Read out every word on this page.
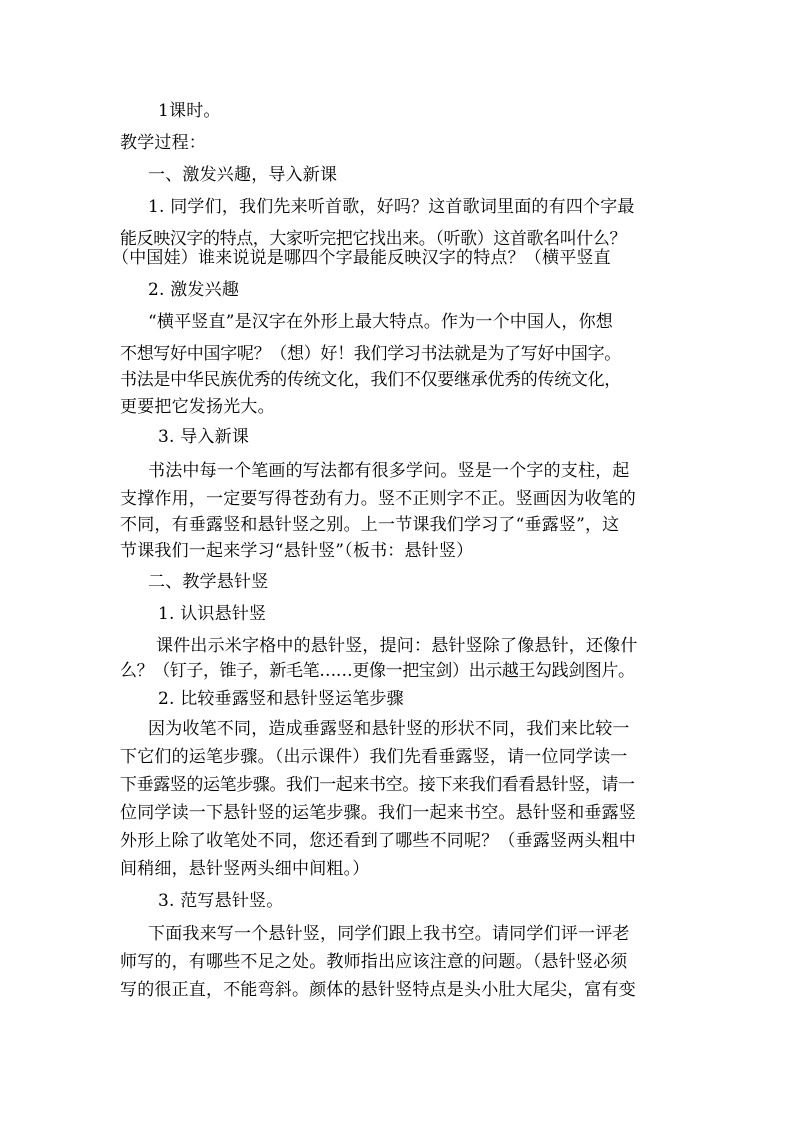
1课时。
教学过程：
一、激发兴趣，导入新课
1. 同学们，我们先来听首歌，好吗？这首歌词里面的有四个字最
能反映汉字的特点，大家听完把它找出来。（听歌）这首歌名叫什么？
（中国娃）谁来说说是哪四个字最能反映汉字的特点？（横平竖直
2. 激发兴趣
“横平竖直”是汉字在外形上最大特点。作为一个中国人，你想
不想写好中国字呢？（想）好！我们学习书法就是为了写好中国字。
书法是中华民族优秀的传统文化，我们不仅要继承优秀的传统文化，
更要把它发扬光大。
3. 导入新课
书法中每一个笔画的写法都有很多学问。竖是一个字的支柱，起
支撑作用，一定要写得苍劲有力。竖不正则字不正。竖画因为收笔的
不同，有垂露竖和悬针竖之别。上一节课我们学习了“垂露竖”，这
节课我们一起来学习“悬针竖”（板书：悬针竖）
二、教学悬针竖
1. 认识悬针竖
课件出示米字格中的悬针竖，提问：悬针竖除了像悬针，还像什
么？（钉子，锥子，新毛笔……更像一把宝剑）出示越王勾践剑图片。
2. 比较垂露竖和悬针竖运笔步骤
因为收笔不同，造成垂露竖和悬针竖的形状不同，我们来比较一
下它们的运笔步骤。（出示课件）我们先看垂露竖，请一位同学读一
下垂露竖的运笔步骤。我们一起来书空。接下来我们看看悬针竖，请一
位同学读一下悬针竖的运笔步骤。我们一起来书空。悬针竖和垂露竖
外形上除了收笔处不同，您还看到了哪些不同呢？（垂露竖两头粗中
间稍细，悬针竖两头细中间粗。）
3. 范写悬针竖。
下面我来写一个悬针竖，同学们跟上我书空。请同学们评一评老
师写的，有哪些不足之处。教师指出应该注意的问题。（悬针竖必须
写的很正直，不能弯斜。颜体的悬针竖特点是头小肚大尾尖，富有变
